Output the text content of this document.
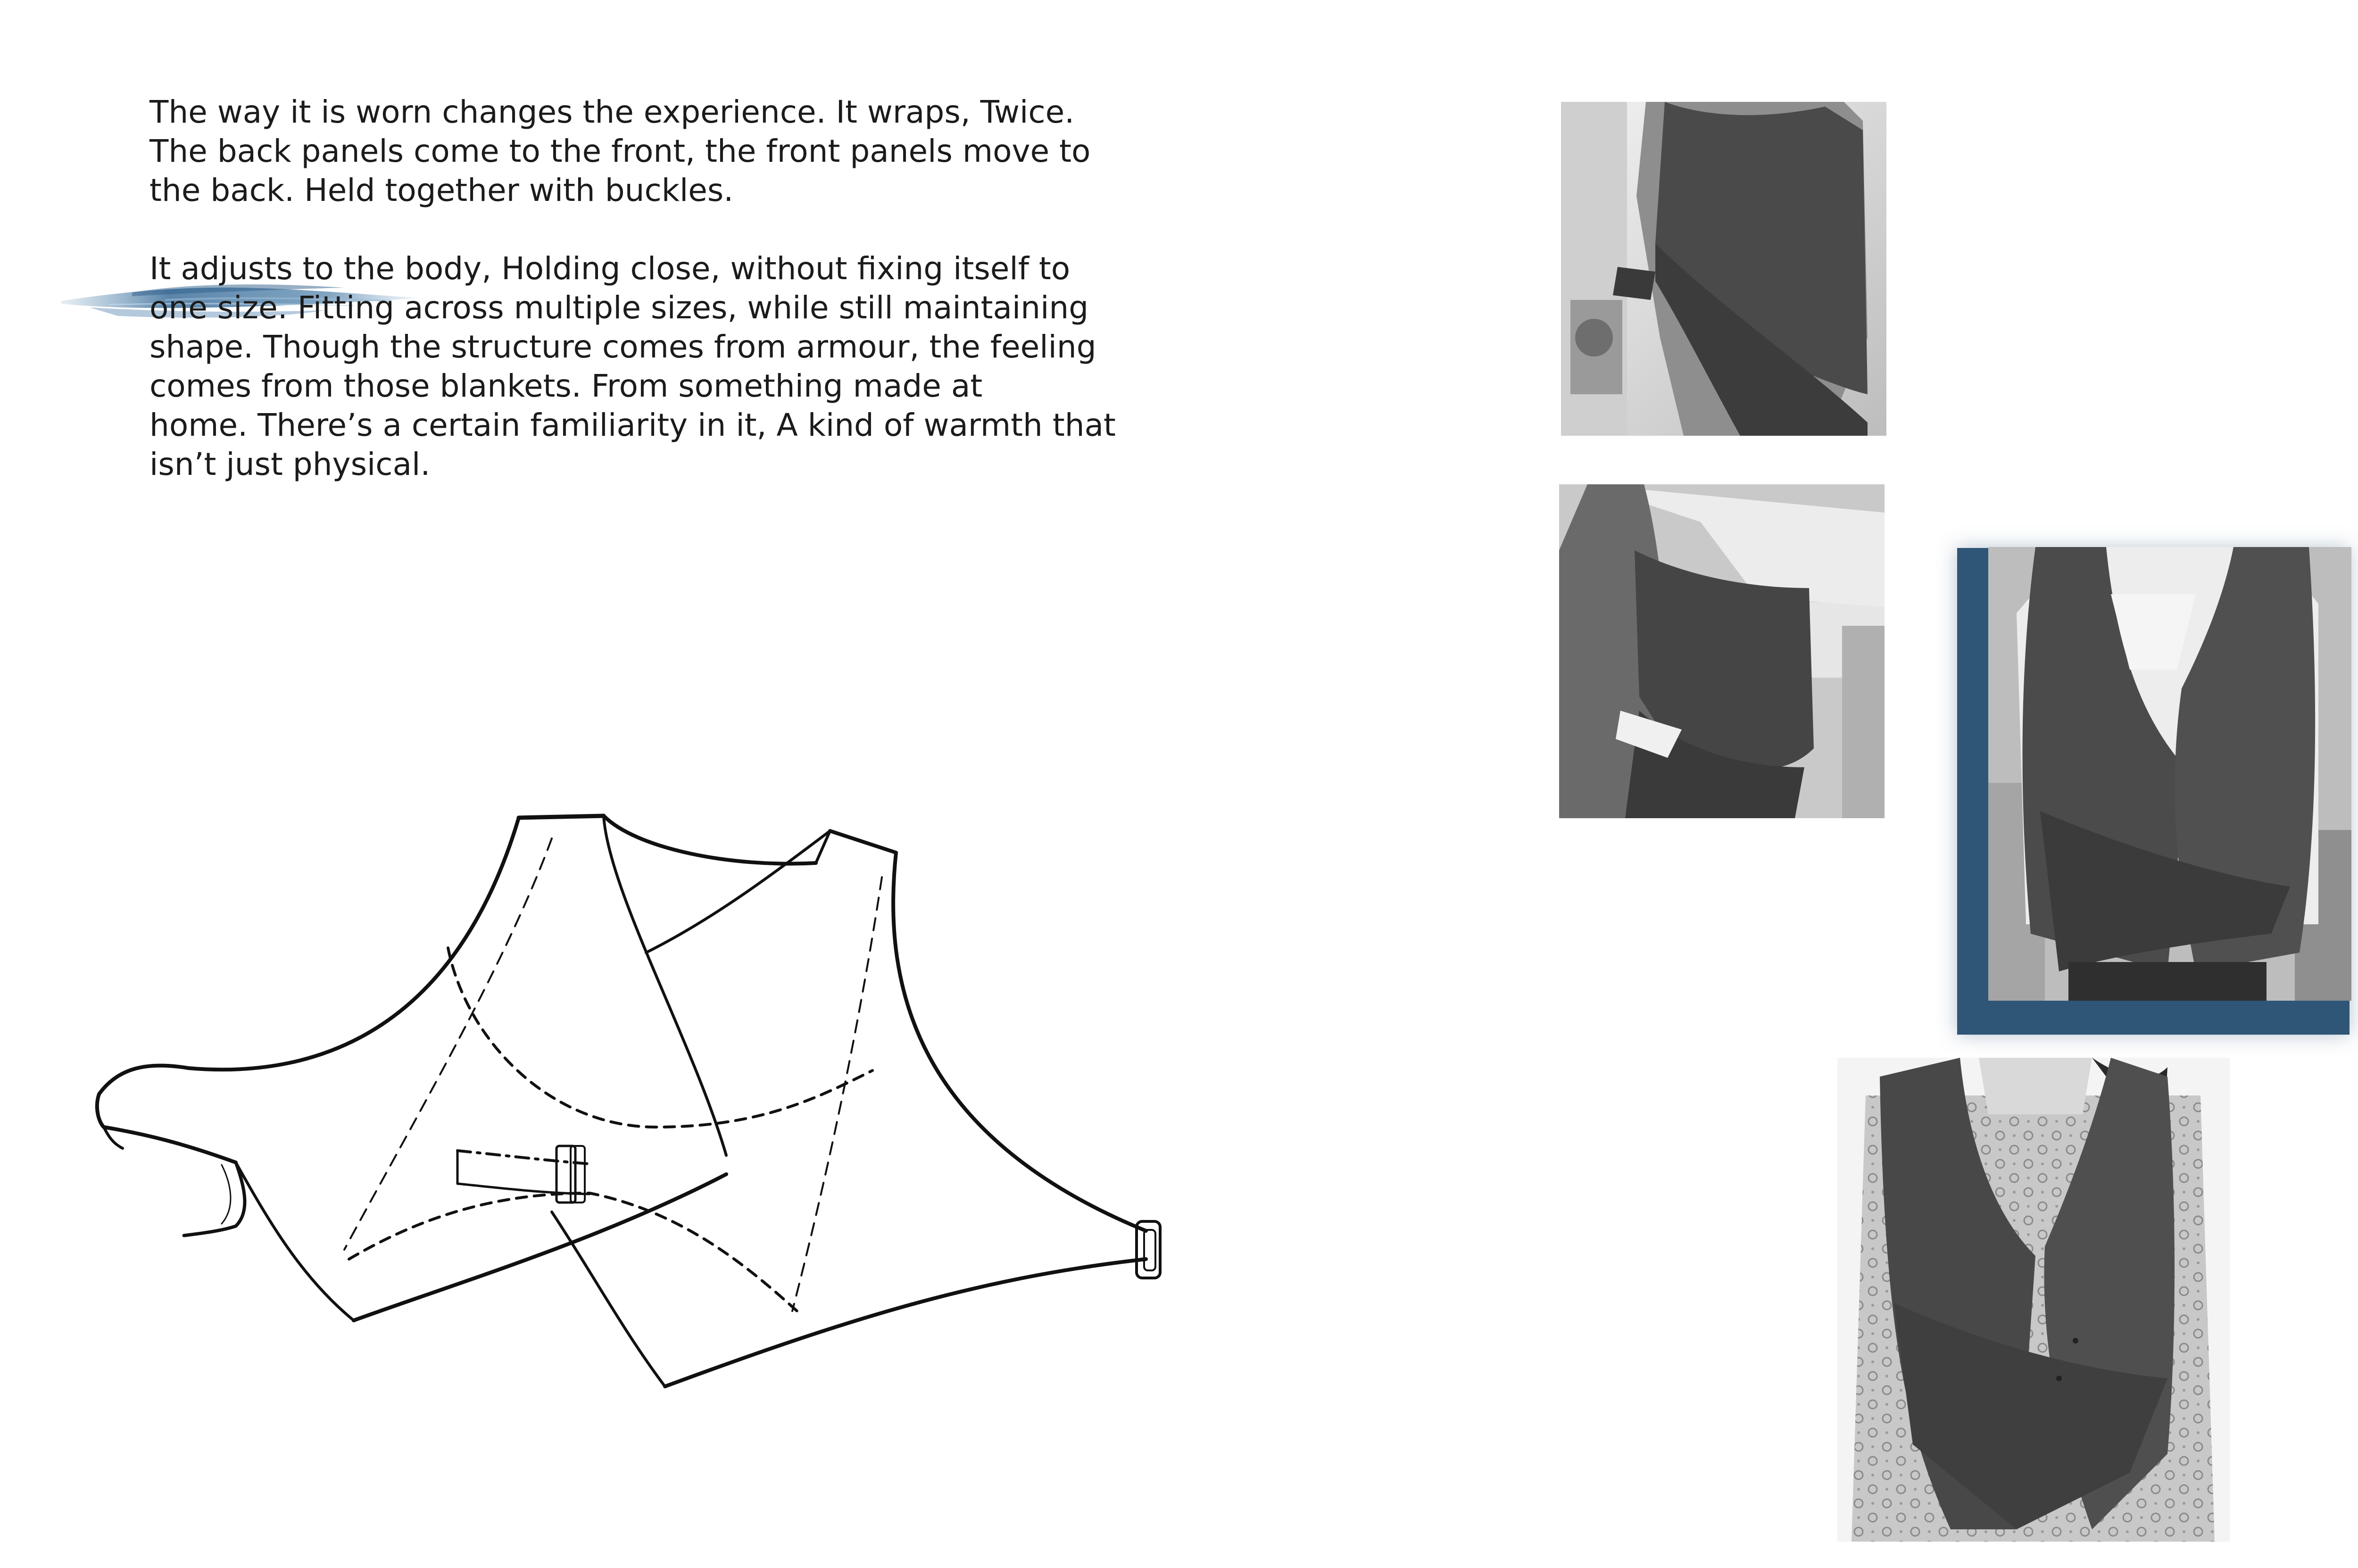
The way it is worn changes the experience. It wraps, Twice.
The back panels come to the front, the front panels move to
the back. Held together with buckles.

It adjusts to the body, Holding close, without fixing itself to
one size. Fitting across multiple sizes, while still maintaining
shape. Though the structure comes from armour, the feeling
comes from those blankets. From something made at
home. There’s a certain familiarity in it, A kind of warmth that
isn’t just physical.
